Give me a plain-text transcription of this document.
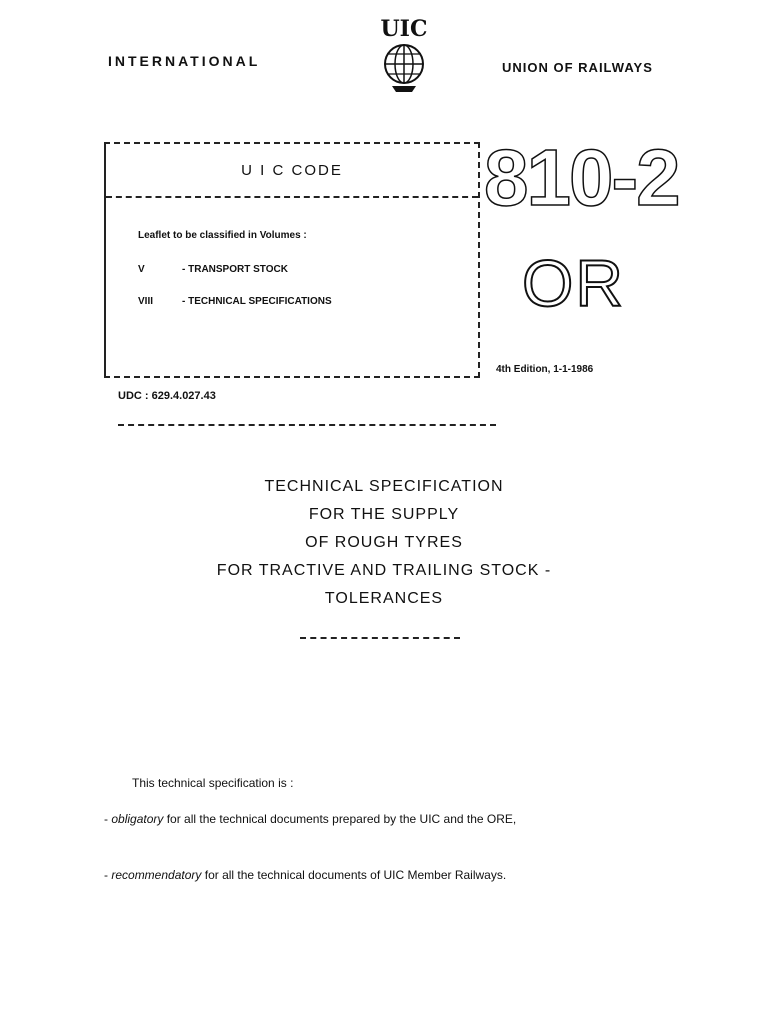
INTERNATIONAL	UNION OF RAILWAYS
UIC
U I C CODE
Leaflet to be classified in Volumes :
V	- TRANSPORT STOCK
VIII	- TECHNICAL SPECIFICATIONS
810-2
OR
4th Edition, 1-1-1986
UDC : 629.4.027.43
TECHNICAL SPECIFICATION
FOR THE SUPPLY
OF ROUGH TYRES
FOR TRACTIVE AND TRAILING STOCK -
TOLERANCES
This technical specification is :
- obligatory for all the technical documents prepared by the UIC and the ORE,
- recommendatory for all the technical documents of UIC Member Railways.
